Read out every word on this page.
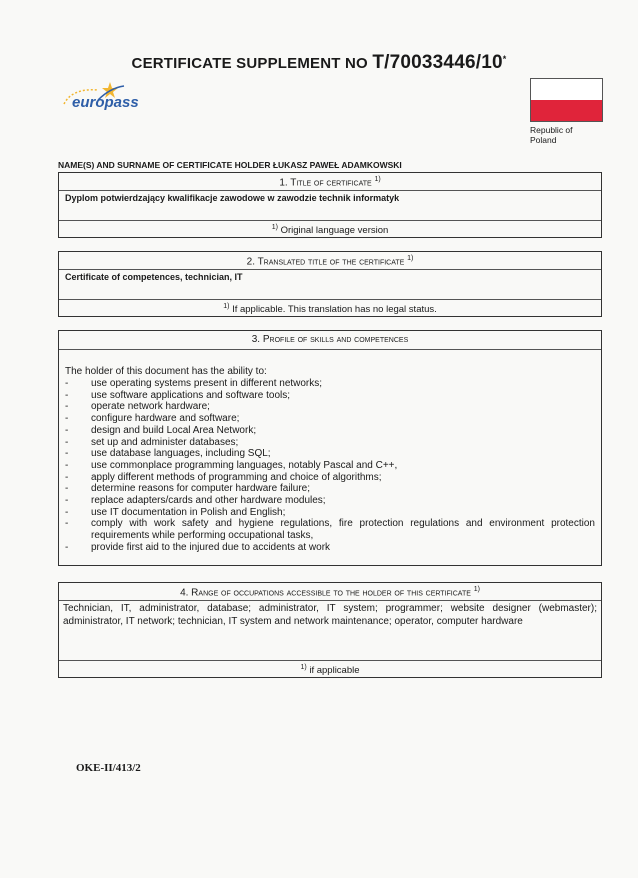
CERTIFICATE SUPPLEMENT NO T/70033446/10*
europass
Republic of
Poland
NAME(S) AND SURNAME OF CERTIFICATE HOLDER ŁUKASZ PAWEŁ ADAMKOWSKI
1. Title of certificate $^{1)}$
Dyplom potwierdzający kwalifikacje zawodowe w zawodzie technik informatyk
$^{1)}$ Original language version
2. Translated title of the certificate $^{1)}$
Certificate of competences, technician, IT
$^{1)}$ If applicable. This translation has no legal status.
3. Profile of skills and competences
The holder of this document has the ability to:
- use operating systems present in different networks;
- use software applications and software tools;
- operate network hardware;
- configure hardware and software;
- design and build Local Area Network;
- set up and administer databases;
- use database languages, including SQL;
- use commonplace programming languages, notably Pascal and C++,
- apply different methods of programming and choice of algorithms;
- determine reasons for computer hardware failure;
- replace adapters/cards and other hardware modules;
- use IT documentation in Polish and English;
- comply with work safety and hygiene regulations, fire protection regulations and environment protection requirements while performing occupational tasks,
- provide first aid to the injured due to accidents at work
4. Range of occupations accessible to the holder of this certificate $^{1)}$
Technician, IT, administrator, database; administrator, IT system; programmer; website designer (webmaster); administrator, IT network; technician, IT system and network maintenance; operator, computer hardware
$^{1)}$ if applicable
OKE-II/413/2
